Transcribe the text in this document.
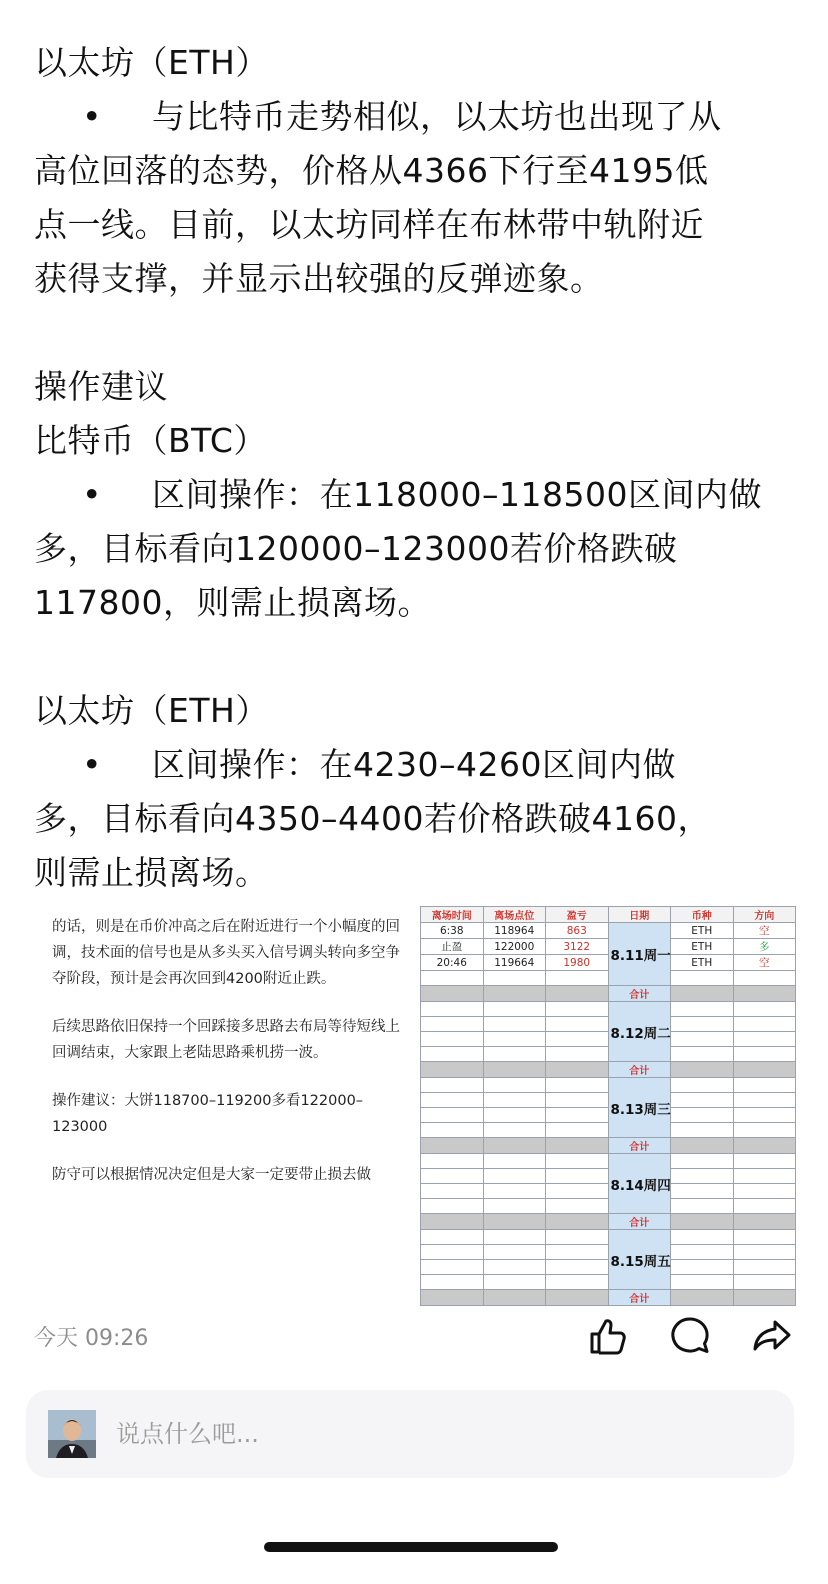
以太坊（ETH）
• 与比特币走势相似，以太坊也出现了从
高位回落的态势，价格从4366下行至4195低
点一线。目前，以太坊同样在布林带中轨附近
获得支撑，并显示出较强的反弹迹象。
操作建议
比特币（BTC）
• 区间操作：在118000–118500区间内做
多，目标看向120000–123000若价格跌破
117800，则需止损离场。
以太坊（ETH）
• 区间操作：在4230–4260区间内做
多，目标看向4350–4400若价格跌破4160，
则需止损离场。

的话，则是在币价冲高之后在附近进行一个小幅度的回调，技术面的信号也是从多头买入信号调头转向多空争夺阶段，预计是会再次回到4200附近止跌。

后续思路依旧保持一个回踩接多思路去布局等待短线上回调结束，大家跟上老陆思路乘机捞一波。

操作建议：大饼118700–119200多看122000–123000

防守可以根据情况决定但是大家一定要带止损去做

离场时间	离场点位	盈亏	日期	币种	方向
6:38	118964	863	8.11周一	ETH	空
止盈	122000	3122		ETH	多
20:46	119664	1980		ETH	空

			合计		
			8.12周二		

			合计		
			8.13周三		

			合计		
			8.14周四		

			合计		
			8.15周五		

			合计		
今天 09:26
说点什么吧...
